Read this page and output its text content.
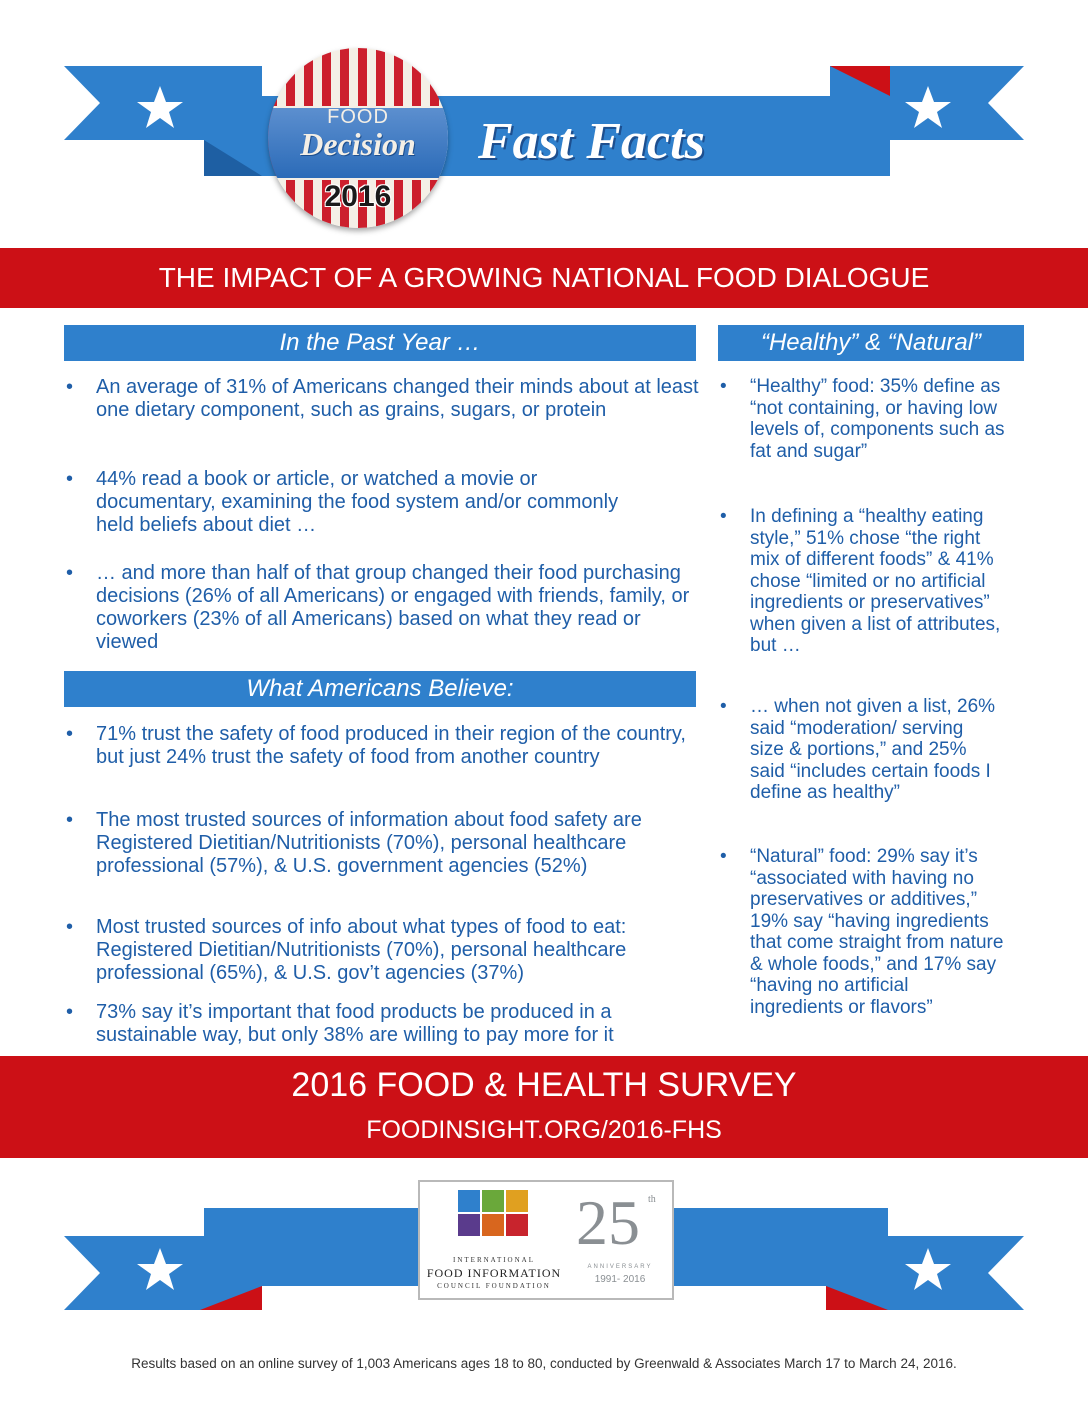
FOOD
Decision
2016
Fast Facts
THE IMPACT OF A GROWING NATIONAL FOOD DIALOGUE
In the Past Year …
• An average of 31% of Americans changed their minds about at least one dietary component, such as grains, sugars, or protein
• 44% read a book or article, or watched a movie or documentary, examining the food system and/or commonly held beliefs about diet …
• … and more than half of that group changed their food purchasing decisions (26% of all Americans) or engaged with friends, family, or coworkers (23% of all Americans) based on what they read or viewed
What Americans Believe:
• 71% trust the safety of food produced in their region of the country, but just 24% trust the safety of food from another country
• The most trusted sources of information about food safety are Registered Dietitian/Nutritionists (70%), personal healthcare professional (57%), & U.S. government agencies (52%)
• Most trusted sources of info about what types of food to eat: Registered Dietitian/Nutritionists (70%), personal healthcare professional (65%), & U.S. gov’t agencies (37%)
• 73% say it’s important that food products be produced in a sustainable way, but only 38% are willing to pay more for it
“Healthy” & “Natural”
• “Healthy” food: 35% define as “not containing, or having low levels of, components such as fat and sugar”
• In defining a “healthy eating style,” 51% chose “the right mix of different foods” & 41% chose “limited or no artificial ingredients or preservatives” when given a list of attributes, but …
• … when not given a list, 26% said “moderation/ serving size & portions,” and 25% said “includes certain foods I define as healthy”
• “Natural” food: 29% say it’s “associated with having no preservatives or additives,” 19% say “having ingredients that come straight from nature & whole foods,” and 17% say “having no artificial ingredients or flavors”
2016 FOOD & HEALTH SURVEY
FOODINSIGHT.ORG/2016-FHS
INTERNATIONAL
FOOD INFORMATION
COUNCIL FOUNDATION
25 th
ANNIVERSARY
1991- 2016
Results based on an online survey of 1,003 Americans ages 18 to 80, conducted by Greenwald & Associates March 17 to March 24, 2016.
